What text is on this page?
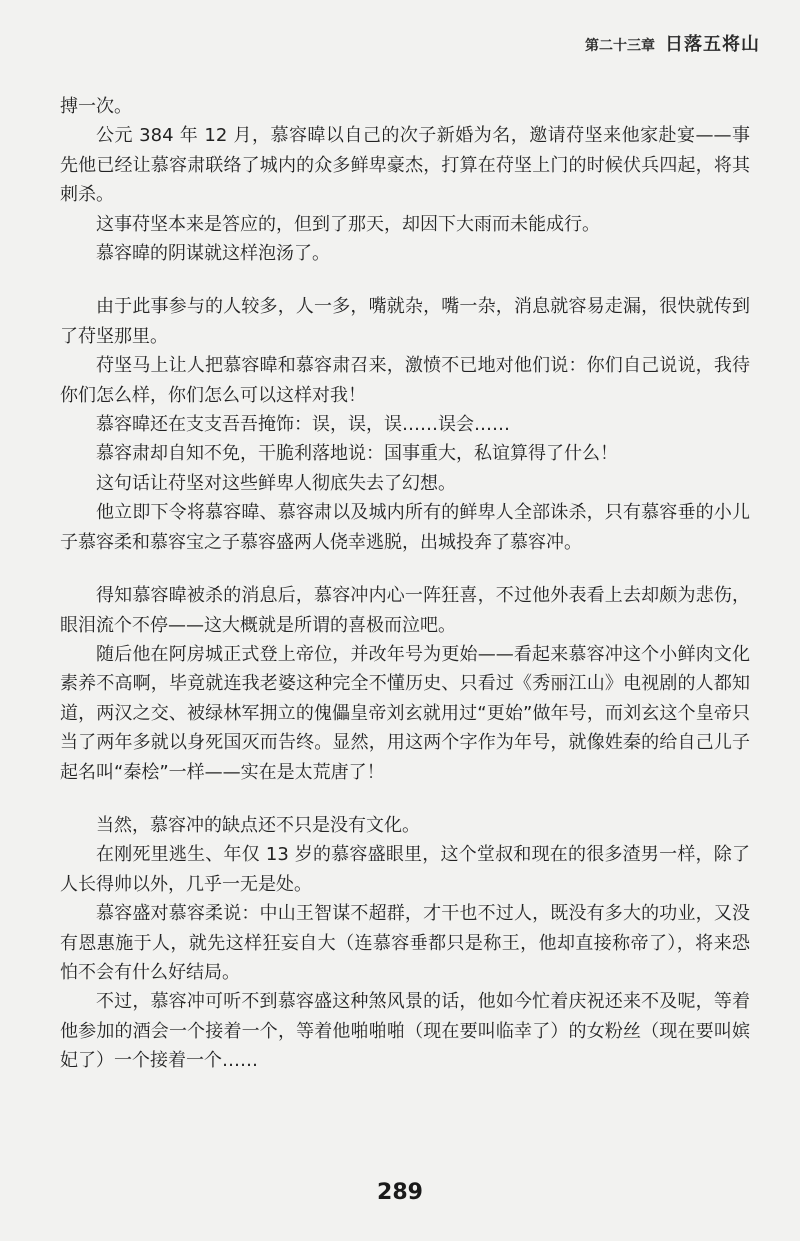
第二十三章 日落五将山

搏一次。

公元 384 年 12 月，慕容暐以自己的次子新婚为名，邀请苻坚来他家赴宴——事先他已经让慕容肃联络了城内的众多鲜卑豪杰，打算在苻坚上门的时候伏兵四起，将其刺杀。

这事苻坚本来是答应的，但到了那天，却因下大雨而未能成行。

慕容暐的阴谋就这样泡汤了。

由于此事参与的人较多，人一多，嘴就杂，嘴一杂，消息就容易走漏，很快就传到了苻坚那里。

苻坚马上让人把慕容暐和慕容肃召来，激愤不已地对他们说：你们自己说说，我待你们怎么样，你们怎么可以这样对我！

慕容暐还在支支吾吾掩饰：误，误，误……误会……

慕容肃却自知不免，干脆利落地说：国事重大，私谊算得了什么！

这句话让苻坚对这些鲜卑人彻底失去了幻想。

他立即下令将慕容暐、慕容肃以及城内所有的鲜卑人全部诛杀，只有慕容垂的小儿子慕容柔和慕容宝之子慕容盛两人侥幸逃脱，出城投奔了慕容冲。

得知慕容暐被杀的消息后，慕容冲内心一阵狂喜，不过他外表看上去却颇为悲伤，眼泪流个不停——这大概就是所谓的喜极而泣吧。

随后他在阿房城正式登上帝位，并改年号为更始——看起来慕容冲这个小鲜肉文化素养不高啊，毕竟就连我老婆这种完全不懂历史、只看过《秀丽江山》电视剧的人都知道，两汉之交、被绿林军拥立的傀儡皇帝刘玄就用过“更始”做年号，而刘玄这个皇帝只当了两年多就以身死国灭而告终。显然，用这两个字作为年号，就像姓秦的给自己儿子起名叫“秦桧”一样——实在是太荒唐了！

当然，慕容冲的缺点还不只是没有文化。

在刚死里逃生、年仅 13 岁的慕容盛眼里，这个堂叔和现在的很多渣男一样，除了人长得帅以外，几乎一无是处。

慕容盛对慕容柔说：中山王智谋不超群，才干也不过人，既没有多大的功业，又没有恩惠施于人，就先这样狂妄自大（连慕容垂都只是称王，他却直接称帝了），将来恐怕不会有什么好结局。

不过，慕容冲可听不到慕容盛这种煞风景的话，他如今忙着庆祝还来不及呢，等着他参加的酒会一个接着一个，等着他啪啪啪（现在要叫临幸了）的女粉丝（现在要叫嫔妃了）一个接着一个……

289
